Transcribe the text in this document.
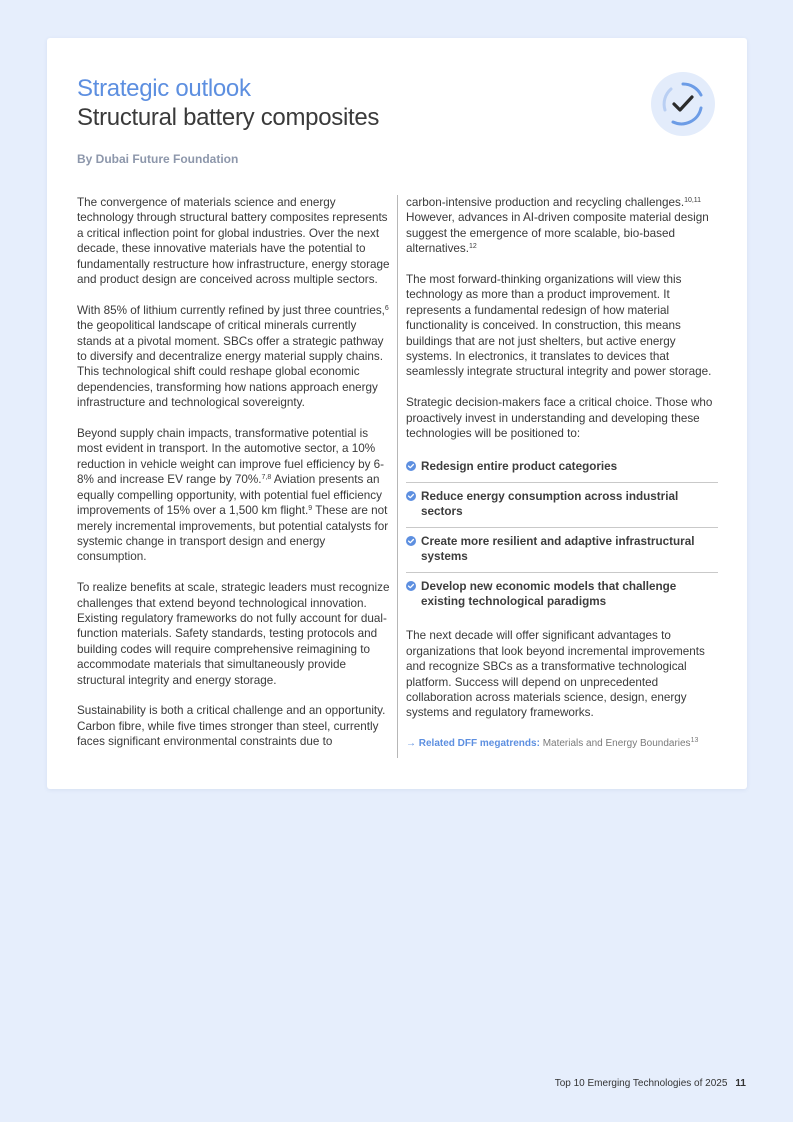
Strategic outlook
Structural battery composites
By Dubai Future Foundation

The convergence of materials science and energy technology through structural battery composites represents a critical inflection point for global industries. Over the next decade, these innovative materials have the potential to fundamentally restructure how infrastructure, energy storage and product design are conceived across multiple sectors.

With 85% of lithium currently refined by just three countries,$^6$ the geopolitical landscape of critical minerals currently stands at a pivotal moment. SBCs offer a strategic pathway to diversify and decentralize energy material supply chains. This technological shift could reshape global economic dependencies, transforming how nations approach energy infrastructure and technological sovereignty.

Beyond supply chain impacts, transformative potential is most evident in transport. In the automotive sector, a 10% reduction in vehicle weight can improve fuel efficiency by 6-8% and increase EV range by 70%.$^{7,8}$ Aviation presents an equally compelling opportunity, with potential fuel efficiency improvements of 15% over a 1,500 km flight.$^9$ These are not merely incremental improvements, but potential catalysts for systemic change in transport design and energy consumption.

To realize benefits at scale, strategic leaders must recognize challenges that extend beyond technological innovation. Existing regulatory frameworks do not fully account for dual-function materials. Safety standards, testing protocols and building codes will require comprehensive reimagining to accommodate materials that simultaneously provide structural integrity and energy storage.

Sustainability is both a critical challenge and an opportunity. Carbon fibre, while five times stronger than steel, currently faces significant environmental constraints due to

carbon-intensive production and recycling challenges.$^{10,11}$ However, advances in AI-driven composite material design suggest the emergence of more scalable, bio-based alternatives.$^{12}$

The most forward-thinking organizations will view this technology as more than a product improvement. It represents a fundamental redesign of how material functionality is conceived. In construction, this means buildings that are not just shelters, but active energy systems. In electronics, it translates to devices that seamlessly integrate structural integrity and power storage.

Strategic decision-makers face a critical choice. Those who proactively invest in understanding and developing these technologies will be positioned to:

Redesign entire product categories
Reduce energy consumption across industrial sectors
Create more resilient and adaptive infrastructural systems
Develop new economic models that challenge existing technological paradigms

The next decade will offer significant advantages to organizations that look beyond incremental improvements and recognize SBCs as a transformative technological platform. Success will depend on unprecedented collaboration across materials science, design, energy systems and regulatory frameworks.

→ Related DFF megatrends: Materials and Energy Boundaries$^{13}$
Top 10 Emerging Technologies of 2025 11
